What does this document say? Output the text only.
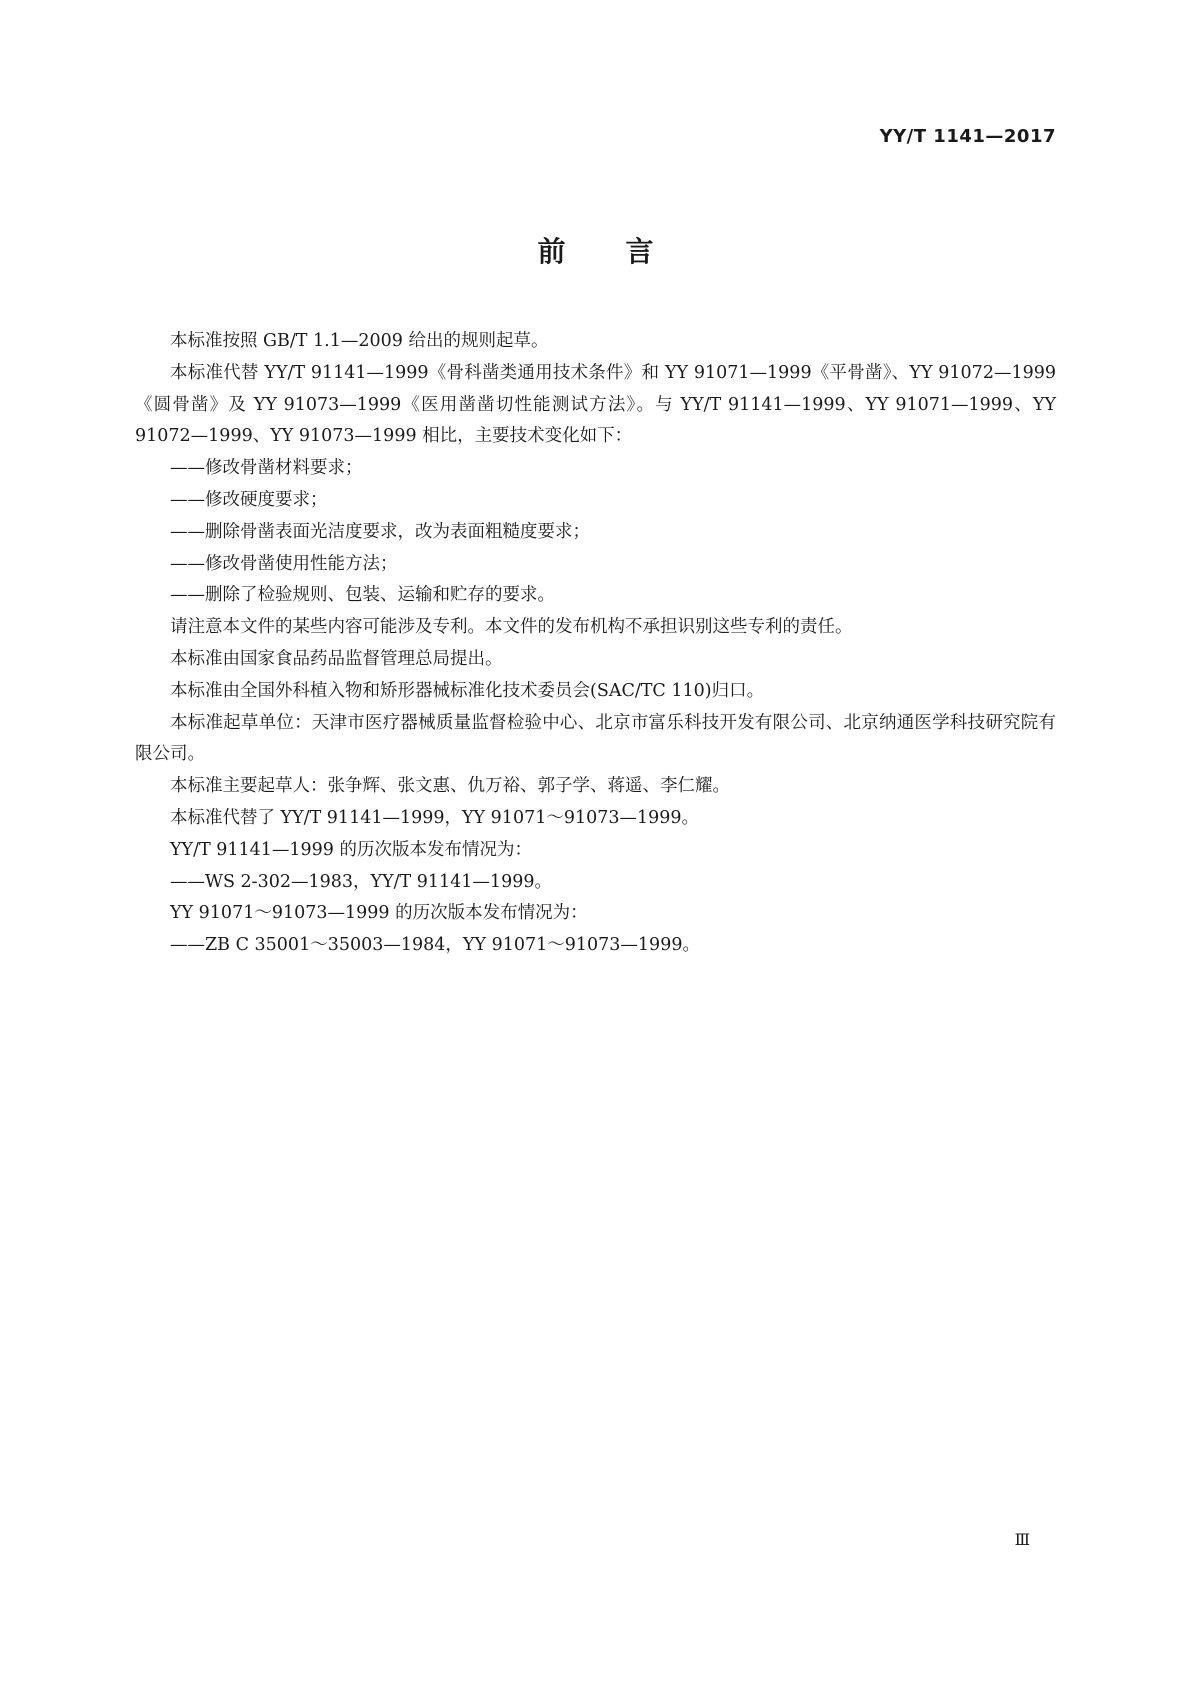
YY/T 1141—2017
前言

本标准按照 GB/T 1.1—2009 给出的规则起草。

本标准代替 YY/T 91141—1999《骨科凿类通用技术条件》和 YY 91071—1999《平骨凿》、YY 91072—1999《圆骨凿》及 YY 91073—1999《医用凿凿切性能测试方法》。与 YY/T 91141—1999、YY 91071—1999、YY 91072—1999、YY 91073—1999 相比，主要技术变化如下：

——修改骨凿材料要求；

——修改硬度要求；

——删除骨凿表面光洁度要求，改为表面粗糙度要求；

——修改骨凿使用性能方法；

——删除了检验规则、包装、运输和贮存的要求。

请注意本文件的某些内容可能涉及专利。本文件的发布机构不承担识别这些专利的责任。

本标准由国家食品药品监督管理总局提出。

本标准由全国外科植入物和矫形器械标准化技术委员会(SAC/TC 110)归口。

本标准起草单位：天津市医疗器械质量监督检验中心、北京市富乐科技开发有限公司、北京纳通医学科技研究院有限公司。

本标准主要起草人：张争辉、张文惠、仇万裕、郭子学、蒋遥、李仁耀。

本标准代替了 YY/T 91141—1999，YY 91071～91073—1999。

YY/T 91141—1999 的历次版本发布情况为：

——WS 2-302—1983，YY/T 91141—1999。

YY 91071～91073—1999 的历次版本发布情况为：

——ZB C 35001～35003—1984，YY 91071～91073—1999。

Ⅲ
